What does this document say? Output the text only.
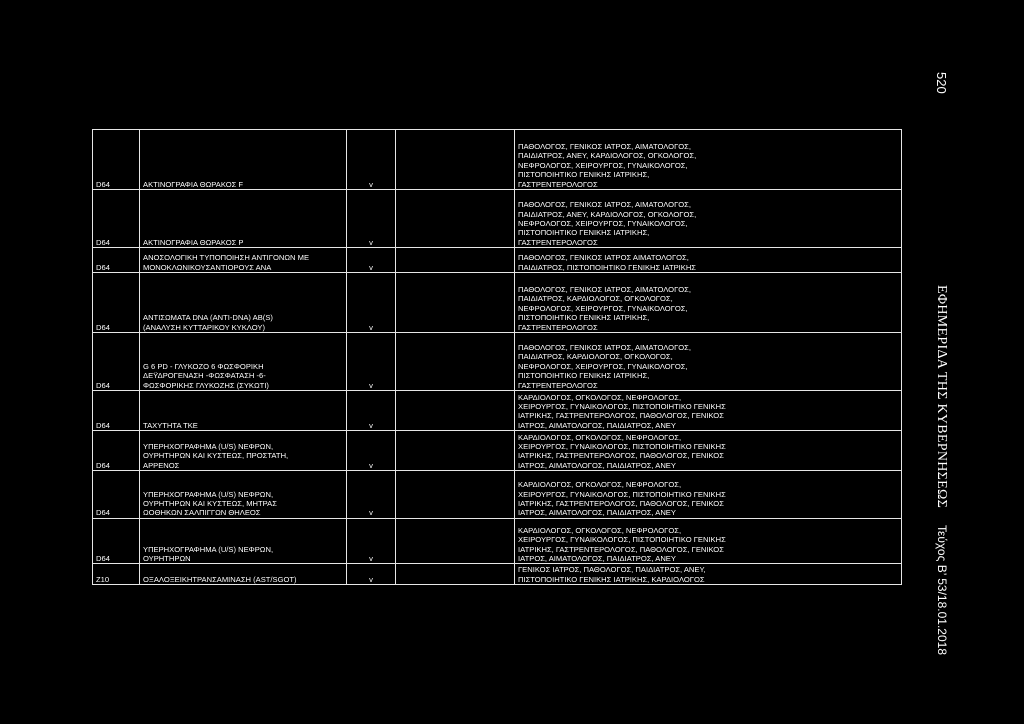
520
ΕΦΗΜΕΡΙΔΑ ΤΗΣ ΚΥΒΕΡΝΗΣΕΩΣ
Τεύχος Β’ 53/18.01.2018
D64	ΑΚΤΙΝΟΓΡΑΦΙΑ ΘΩΡΑΚΟΣ F	v		ΠΑΘΟΛΟΓΟΣ, ΓΕΝΙΚΟΣ ΙΑΤΡΟΣ, ΑΙΜΑΤΟΛΟΓΟΣ,
ΠΑΙΔΙΑΤΡΟΣ, ΑΝΕΥ, ΚΑΡΔΙΟΛΟΓΟΣ, ΟΓΚΟΛΟΓΟΣ,
ΝΕΦΡΟΛΟΓΟΣ, ΧΕΙΡΟΥΡΓΟΣ, ΓΥΝΑΙΚΟΛΟΓΟΣ,
ΠΙΣΤΟΠΟΙΗΤΙΚΟ ΓΕΝΙΚΗΣ ΙΑΤΡΙΚΗΣ,
ΓΑΣΤΡΕΝΤΕΡΟΛΟΓΟΣ

D64	ΑΚΤΙΝΟΓΡΑΦΙΑ ΘΩΡΑΚΟΣ P	v		ΠΑΘΟΛΟΓΟΣ, ΓΕΝΙΚΟΣ ΙΑΤΡΟΣ, ΑΙΜΑΤΟΛΟΓΟΣ,
ΠΑΙΔΙΑΤΡΟΣ, ΑΝΕΥ, ΚΑΡΔΙΟΛΟΓΟΣ, ΟΓΚΟΛΟΓΟΣ,
ΝΕΦΡΟΛΟΓΟΣ, ΧΕΙΡΟΥΡΓΟΣ, ΓΥΝΑΙΚΟΛΟΓΟΣ,
ΠΙΣΤΟΠΟΙΗΤΙΚΟ ΓΕΝΙΚΗΣ ΙΑΤΡΙΚΗΣ,
ΓΑΣΤΡΕΝΤΕΡΟΛΟΓΟΣ

D64	ΑΝΟΣΟΛΟΓΙΚΗ ΤΥΠΟΠΟΙΗΣΗ ΑΝΤΙΓΟΝΩΝ ΜΕ
ΜΟΝΟΚΛΩΝΙΚΟΥΣΑΝΤΙΟΡΟΥΣ ΑΝΑ	v		ΠΑΘΟΛΟΓΟΣ, ΓΕΝΙΚΟΣ ΙΑΤΡΟΣ ΑΙΜΑΤΟΛΟΓΟΣ,
ΠΑΙΔΙΑΤΡΟΣ, ΠΙΣΤΟΠΟΙΗΤΙΚΟ ΓΕΝΙΚΗΣ ΙΑΤΡΙΚΗΣ

D64	ΑΝΤΙΣΩΜΑΤΑ DNA (ANTI-DNA) AB(S)
(ΑΝΑΛΥΣΗ ΚΥΤΤΑΡΙΚΟΥ ΚΥΚΛΟΥ)	v		ΠΑΘΟΛΟΓΟΣ, ΓΕΝΙΚΟΣ ΙΑΤΡΟΣ, ΑΙΜΑΤΟΛΟΓΟΣ,
ΠΑΙΔΙΑΤΡΟΣ, ΚΑΡΔΙΟΛΟΓΟΣ, ΟΓΚΟΛΟΓΟΣ,
ΝΕΦΡΟΛΟΓΟΣ, ΧΕΙΡΟΥΡΓΟΣ, ΓΥΝΑΙΚΟΛΟΓΟΣ,
ΠΙΣΤΟΠΟΙΗΤΙΚΟ ΓΕΝΙΚΗΣ ΙΑΤΡΙΚΗΣ,
ΓΑΣΤΡΕΝΤΕΡΟΛΟΓΟΣ

D64	G 6 PD - ΓΛΥΚΟΖΟ 6 ΦΩΣΦΟΡΙΚΗ
ΔΕΫΔΡΟΓΕΝΑΣΗ -ΦΩΣΦΑΤΑΣΗ -6-
ΦΩΣΦΟΡΙΚΗΣ ΓΛΥΚΟΖΗΣ (ΣΥΚΩΤΙ)	v		ΠΑΘΟΛΟΓΟΣ, ΓΕΝΙΚΟΣ ΙΑΤΡΟΣ, ΑΙΜΑΤΟΛΟΓΟΣ,
ΠΑΙΔΙΑΤΡΟΣ, ΚΑΡΔΙΟΛΟΓΟΣ, ΟΓΚΟΛΟΓΟΣ,
ΝΕΦΡΟΛΟΓΟΣ, ΧΕΙΡΟΥΡΓΟΣ, ΓΥΝΑΙΚΟΛΟΓΟΣ,
ΠΙΣΤΟΠΟΙΗΤΙΚΟ ΓΕΝΙΚΗΣ ΙΑΤΡΙΚΗΣ,
ΓΑΣΤΡΕΝΤΕΡΟΛΟΓΟΣ

D64	ΤΑΧΥΤΗΤΑ ΤΚΕ	v		ΚΑΡΔΙΟΛΟΓΟΣ, ΟΓΚΟΛΟΓΟΣ, ΝΕΦΡΟΛΟΓΟΣ,
ΧΕΙΡΟΥΡΓΟΣ, ΓΥΝΑΙΚΟΛΟΓΟΣ, ΠΙΣΤΟΠΟΙΗΤΙΚΟ ΓΕΝΙΚΗΣ
ΙΑΤΡΙΚΗΣ, ΓΑΣΤΡΕΝΤΕΡΟΛΟΓΟΣ, ΠΑΘΟΛΟΓΟΣ, ΓΕΝΙΚΟΣ
ΙΑΤΡΟΣ, ΑΙΜΑΤΟΛΟΓΟΣ, ΠΑΙΔΙΑΤΡΟΣ, ΑΝΕΥ

D64	ΥΠΕΡΗΧΟΓΡΑΦΗΜΑ (U/S) ΝΕΦΡΩΝ,
ΟΥΡΗΤΗΡΩΝ ΚΑΙ ΚΥΣΤΕΩΣ, ΠΡΟΣΤΑΤΗ,
ΑΡΡΕΝΟΣ	v		ΚΑΡΔΙΟΛΟΓΟΣ, ΟΓΚΟΛΟΓΟΣ, ΝΕΦΡΟΛΟΓΟΣ,
ΧΕΙΡΟΥΡΓΟΣ, ΓΥΝΑΙΚΟΛΟΓΟΣ, ΠΙΣΤΟΠΟΙΗΤΙΚΟ ΓΕΝΙΚΗΣ
ΙΑΤΡΙΚΗΣ, ΓΑΣΤΡΕΝΤΕΡΟΛΟΓΟΣ, ΠΑΘΟΛΟΓΟΣ, ΓΕΝΙΚΟΣ
ΙΑΤΡΟΣ, ΑΙΜΑΤΟΛΟΓΟΣ, ΠΑΙΔΙΑΤΡΟΣ, ΑΝΕΥ

D64	ΥΠΕΡΗΧΟΓΡΑΦΗΜΑ (U/S) ΝΕΦΡΩΝ,
ΟΥΡΗΤΗΡΩΝ ΚΑΙ ΚΥΣΤΕΩΣ, ΜΗΤΡΑΣ
ΩΟΘΗΚΩΝ ΣΑΛΠΙΓΓΩΝ ΘΗΛΕΟΣ	v		ΚΑΡΔΙΟΛΟΓΟΣ, ΟΓΚΟΛΟΓΟΣ, ΝΕΦΡΟΛΟΓΟΣ,
ΧΕΙΡΟΥΡΓΟΣ, ΓΥΝΑΙΚΟΛΟΓΟΣ, ΠΙΣΤΟΠΟΙΗΤΙΚΟ ΓΕΝΙΚΗΣ
ΙΑΤΡΙΚΗΣ, ΓΑΣΤΡΕΝΤΕΡΟΛΟΓΟΣ, ΠΑΘΟΛΟΓΟΣ, ΓΕΝΙΚΟΣ
ΙΑΤΡΟΣ, ΑΙΜΑΤΟΛΟΓΟΣ, ΠΑΙΔΙΑΤΡΟΣ, ΑΝΕΥ

D64	ΥΠΕΡΗΧΟΓΡΑΦΗΜΑ (U/S) ΝΕΦΡΩΝ,
ΟΥΡΗΤΗΡΩΝ	v		ΚΑΡΔΙΟΛΟΓΟΣ, ΟΓΚΟΛΟΓΟΣ, ΝΕΦΡΟΛΟΓΟΣ,
ΧΕΙΡΟΥΡΓΟΣ, ΓΥΝΑΙΚΟΛΟΓΟΣ, ΠΙΣΤΟΠΟΙΗΤΙΚΟ ΓΕΝΙΚΗΣ
ΙΑΤΡΙΚΗΣ, ΓΑΣΤΡΕΝΤΕΡΟΛΟΓΟΣ, ΠΑΘΟΛΟΓΟΣ, ΓΕΝΙΚΟΣ
ΙΑΤΡΟΣ, ΑΙΜΑΤΟΛΟΓΟΣ, ΠΑΙΔΙΑΤΡΟΣ, ΑΝΕΥ

Z10	ΟΞΑΛΟΞΕΙΚΗΤΡΑΝΣΑΜΙΝΑΣΗ (AST/SGOT)	v		ΓΕΝΙΚΟΣ ΙΑΤΡΟΣ, ΠΑΘΟΛΟΓΟΣ, ΠΑΙΔΙΑΤΡΟΣ, ΑΝΕΥ,
ΠΙΣΤΟΠΟΙΗΤΙΚΟ ΓΕΝΙΚΗΣ ΙΑΤΡΙΚΗΣ, ΚΑΡΔΙΟΛΟΓΟΣ
